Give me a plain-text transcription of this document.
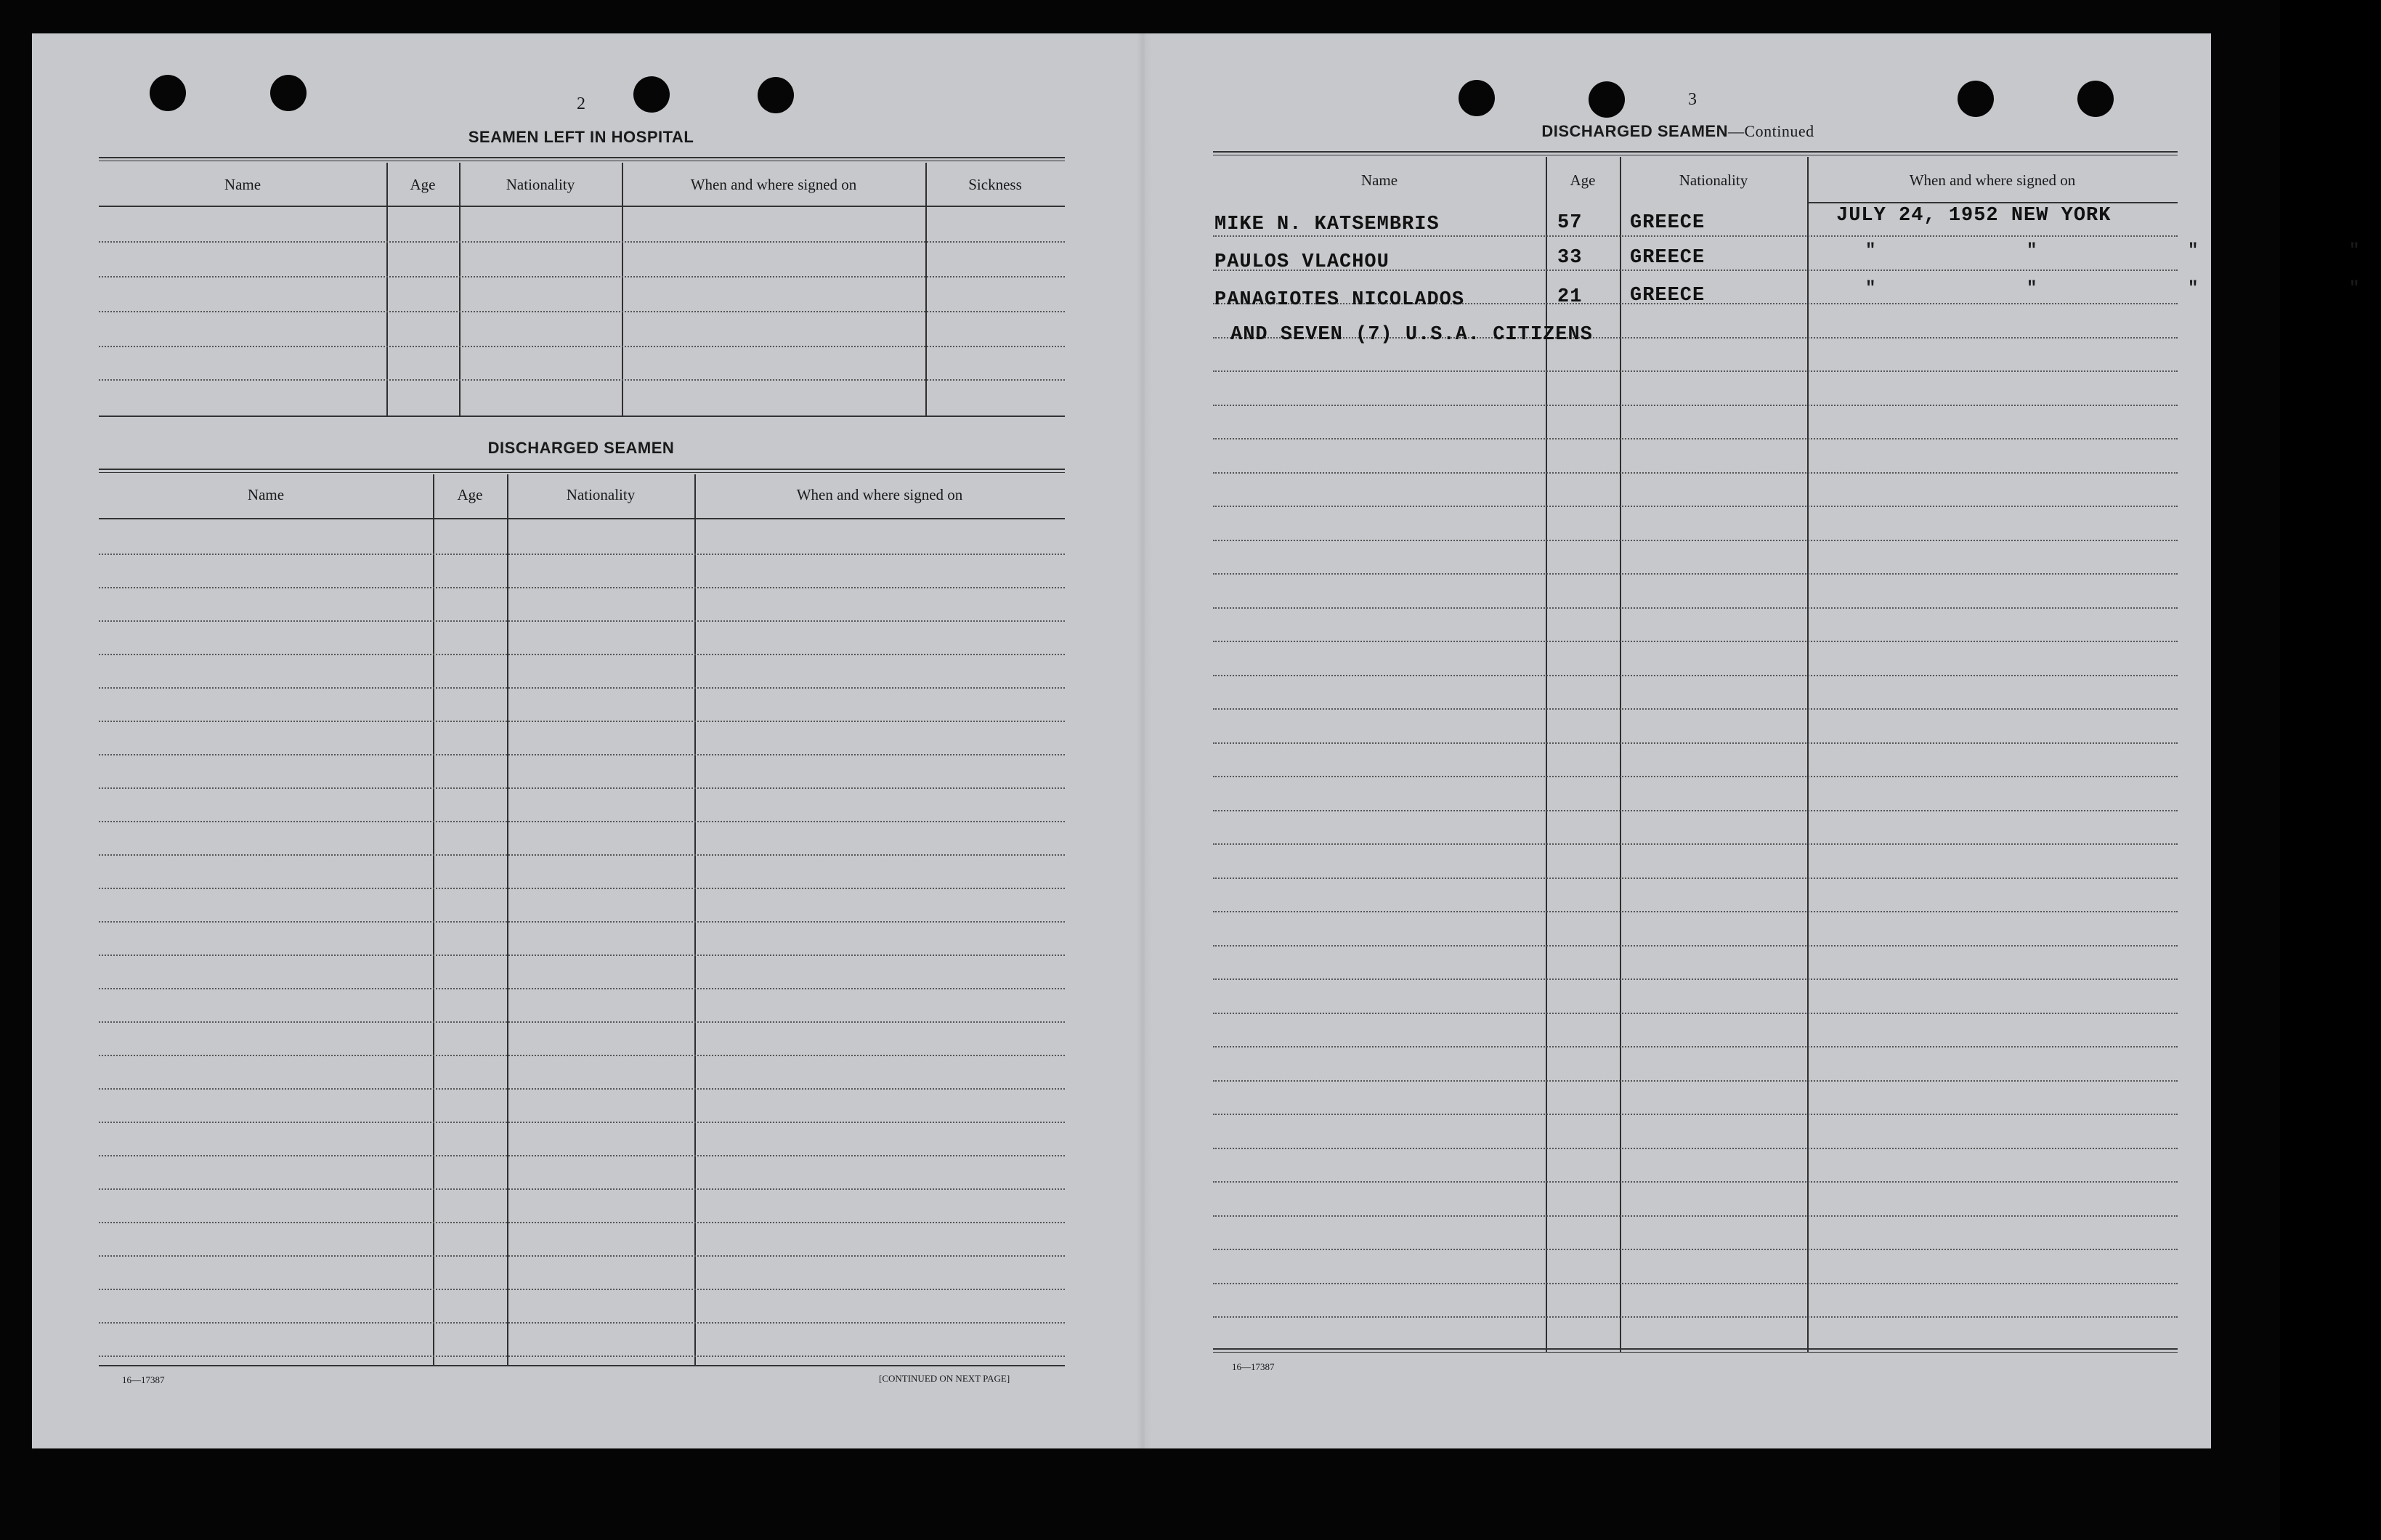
2
SEAMEN LEFT IN HOSPITAL
Name	Age	Nationality	When and where signed on	Sickness
DISCHARGED SEAMEN
Name	Age	Nationality	When and where signed on
16—17387	[CONTINUED ON NEXT PAGE]
3
DISCHARGED SEAMEN—Continued
Name	Age	Nationality	When and where signed on
MIKE N. KATSEMBRIS	57 GREECE	JULY 24, 1952 NEW YORK
PAULOS VLACHOU	33 GREECE	"    "    "    "
PANAGIOTES NICOLADOS	21 GREECE	"    "    "    "
AND SEVEN (7) U.S.A. CITIZENS
16—17387
